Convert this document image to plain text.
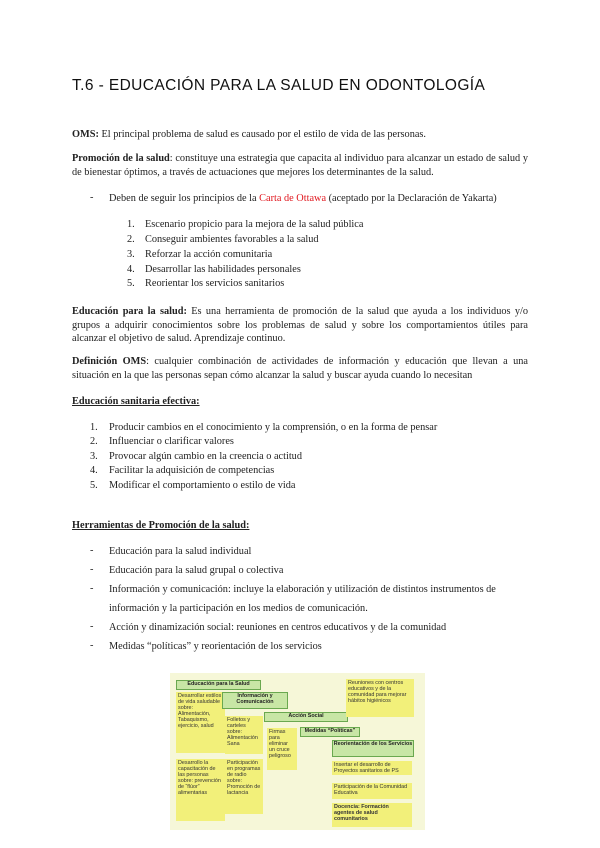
T.6 - EDUCACIÓN PARA LA SALUD EN ODONTOLOGÍA
OMS: El principal problema de salud es causado por el estilo de vida de las personas.
Promoción de la salud: constituye una estrategia que capacita al individuo para alcanzar un estado de salud y de bienestar óptimos, a través de actuaciones que mejores los determinantes de la salud.
- Deben de seguir los principios de la Carta de Ottawa (aceptado por la Declaración de Yakarta)
1. Escenario propicio para la mejora de la salud pública
2. Conseguir ambientes favorables a la salud
3. Reforzar la acción comunitaria
4. Desarrollar las habilidades personales
5. Reorientar los servicios sanitarios
Educación para la salud: Es una herramienta de promoción de la salud que ayuda a los individuos y/o grupos a adquirir conocimientos sobre los problemas de salud y sobre los comportamientos útiles para alcanzar el objetivo de salud. Aprendizaje continuo.
Definición OMS: cualquier combinación de actividades de información y educación que llevan a una situación en la que las personas sepan cómo alcanzar la salud y buscar ayuda cuando lo necesitan
Educación sanitaria efectiva:
1. Producir cambios en el conocimiento y la comprensión, o en la forma de pensar
2. Influenciar o clarificar valores
3. Provocar algún cambio en la creencia o actitud
4. Facilitar la adquisición de competencias
5. Modificar el comportamiento o estilo de vida
Herramientas de Promoción de la salud:
- Educación para la salud individual
- Educación para la salud grupal o colectiva
- Información y comunicación: incluye la elaboración y utilización de distintos instrumentos de
información y la participación en los medios de comunicación.
- Acción y dinamización social: reuniones en centros educativos y de la comunidad
- Medidas “políticas” y reorientación de los servicios
Educación para la Salud
Desarrollar estilos de vida saludable sobre: Alimentación, Tabaquismo, ejercicio, salud
Desarrollo la capacitación de las personas sobre: prevención de “flúor” alimentarias
Información y Comunicación
Folletos y carteles sobre: Alimentación Sana
Participación en programas de radio sobre: Promoción de lactancia
Acción Social
Firmas para eliminar un cruce peligroso
Medidas “Políticas”
Reuniones con centros educativos y de la comunidad para mejorar hábitos higiénicos
Reorientación de los Servicios
Insertar el desarrollo de Proyectos sanitarios de PS
Participación de la Comunidad Educativa
Docencia: Formación agentes de salud comunitarios
